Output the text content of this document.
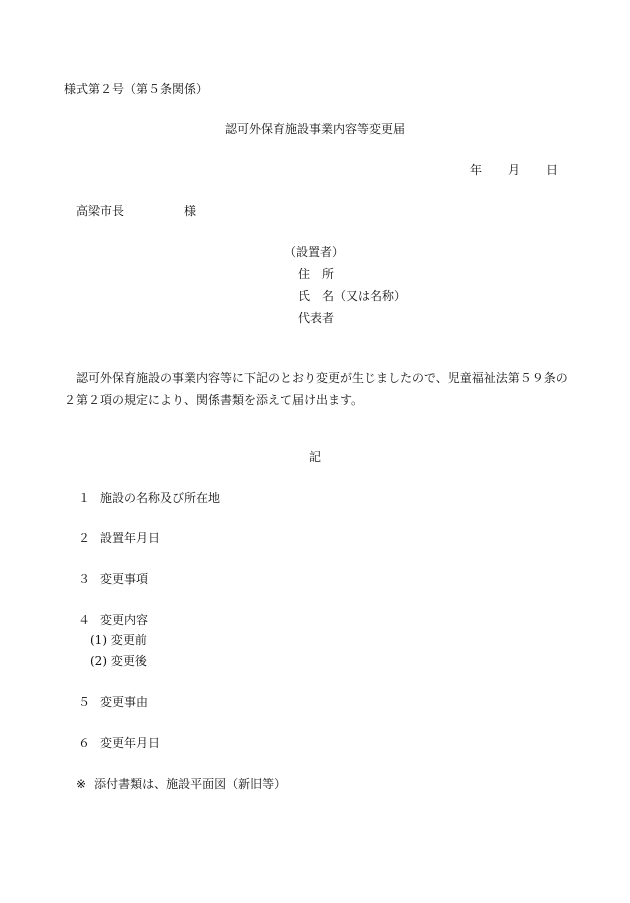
様式第２号（第５条関係）
認可外保育施設事業内容等変更届
年 月 日
高梁市長	様
（設置者）
住　所
氏　名（又は名称）
代表者
認可外保育施設の事業内容等に下記のとおり変更が生じましたので、児童福祉法第５９条の２第２項の規定により、関係書類を添えて届け出ます。
記
１ 施設の名称及び所在地
２ 設置年月日
３ 変更事項
４ 変更内容
(1) 変更前
(2) 変更後
５ 変更事由
６ 変更年月日
※ 添付書類は、施設平面図（新旧等）
